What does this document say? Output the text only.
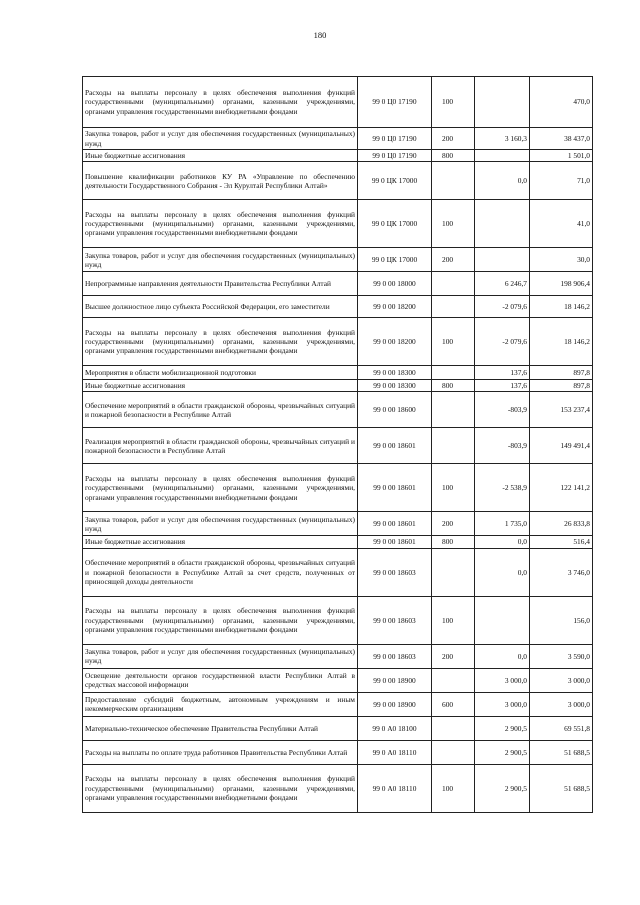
180
Расходы на выплаты персоналу в целях обеспечения выполнения функций государственными (муниципальными) органами, казенными учреждениями, органами управления государственными внебюджетными фондами	99 0 Ц0 17190	100		470,0
Закупка товаров, работ и услуг для обеспечения государственных (муниципальных) нужд	99 0 Ц0 17190	200	3 160,3	38 437,0
Иные бюджетные ассигнования	99 0 Ц0 17190	800		1 501,0
Повышение квалификации работников КУ РА «Управление по обеспечению деятельности Государственного Собрания - Эл Курултай Республики Алтай»	99 0 ЦК 17000		0,0	71,0
Расходы на выплаты персоналу в целях обеспечения выполнения функций государственными (муниципальными) органами, казенными учреждениями, органами управления государственными внебюджетными фондами	99 0 ЦК 17000	100		41,0
Закупка товаров, работ и услуг для обеспечения государственных (муниципальных) нужд	99 0 ЦК 17000	200		30,0
Непрограммные направления деятельности Правительства Республики Алтай	99 0 00 18000		6 246,7	198 906,4
Высшее должностное лицо субъекта Российской Федерации, его заместители	99 0 00 18200		-2 079,6	18 146,2
Расходы на выплаты персоналу в целях обеспечения выполнения функций государственными (муниципальными) органами, казенными учреждениями, органами управления государственными внебюджетными фондами	99 0 00 18200	100	-2 079,6	18 146,2
Мероприятия в области мобилизационной подготовки	99 0 00 18300		137,6	897,8
Иные бюджетные ассигнования	99 0 00 18300	800	137,6	897,8
Обеспечение мероприятий в области гражданской обороны, чрезвычайных ситуаций и пожарной безопасности в Республике Алтай	99 0 00 18600		-803,9	153 237,4
Реализация мероприятий в области гражданской обороны, чрезвычайных ситуаций и пожарной безопасности в Республике Алтай	99 0 00 18601		-803,9	149 491,4
Расходы на выплаты персоналу в целях обеспечения выполнения функций государственными (муниципальными) органами, казенными учреждениями, органами управления государственными внебюджетными фондами	99 0 00 18601	100	-2 538,9	122 141,2
Закупка товаров, работ и услуг для обеспечения государственных (муниципальных) нужд	99 0 00 18601	200	1 735,0	26 833,8
Иные бюджетные ассигнования	99 0 00 18601	800	0,0	516,4
Обеспечение мероприятий в области гражданской обороны, чрезвычайных ситуаций и пожарной безопасности в Республике Алтай за счет средств, полученных от приносящей доходы деятельности	99 0 00 18603		0,0	3 746,0
Расходы на выплаты персоналу в целях обеспечения выполнения функций государственными (муниципальными) органами, казенными учреждениями, органами управления государственными внебюджетными фондами	99 0 00 18603	100		156,0
Закупка товаров, работ и услуг для обеспечения государственных (муниципальных) нужд	99 0 00 18603	200	0,0	3 590,0
Освещение деятельности органов государственной власти Республики Алтай в средствах массовой информации	99 0 00 18900		3 000,0	3 000,0
Предоставление субсидий бюджетным, автономным учреждениям и иным некоммерческим организациям	99 0 00 18900	600	3 000,0	3 000,0
Материально-техническое обеспечение Правительства Республики Алтай	99 0 А0 18100		2 900,5	69 551,8
Расходы на выплаты по оплате труда работников Правительства Республики Алтай	99 0 А0 18110		2 900,5	51 688,5
Расходы на выплаты персоналу в целях обеспечения выполнения функций государственными (муниципальными) органами, казенными учреждениями, органами управления государственными внебюджетными фондами	99 0 А0 18110	100	2 900,5	51 688,5
